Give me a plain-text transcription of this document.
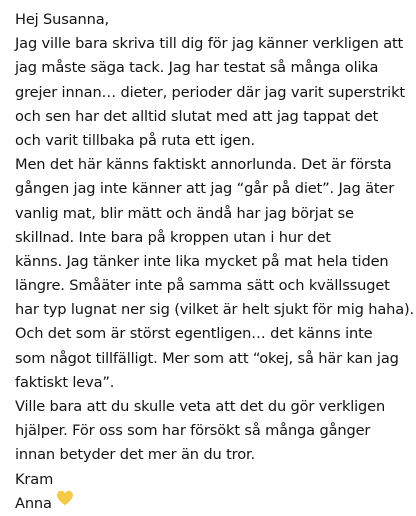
Hej Susanna,
Jag ville bara skriva till dig för jag känner verkligen att
jag måste säga tack. Jag har testat så många olika
grejer innan… dieter, perioder där jag varit superstrikt
och sen har det alltid slutat med att jag tappat det
och varit tillbaka på ruta ett igen.
Men det här känns faktiskt annorlunda. Det är första
gången jag inte känner att jag “går på diet”. Jag äter
vanlig mat, blir mätt och ändå har jag börjat se
skillnad. Inte bara på kroppen utan i hur det
känns. Jag tänker inte lika mycket på mat hela tiden
längre. Småäter inte på samma sätt och kvällssuget
har typ lugnat ner sig (vilket är helt sjukt för mig haha).
Och det som är störst egentligen… det känns inte
som något tillfälligt. Mer som att “okej, så här kan jag
faktiskt leva”.
Ville bara att du skulle veta att det du gör verkligen
hjälper. För oss som har försökt så många gånger
innan betyder det mer än du tror.
Kram
Anna
